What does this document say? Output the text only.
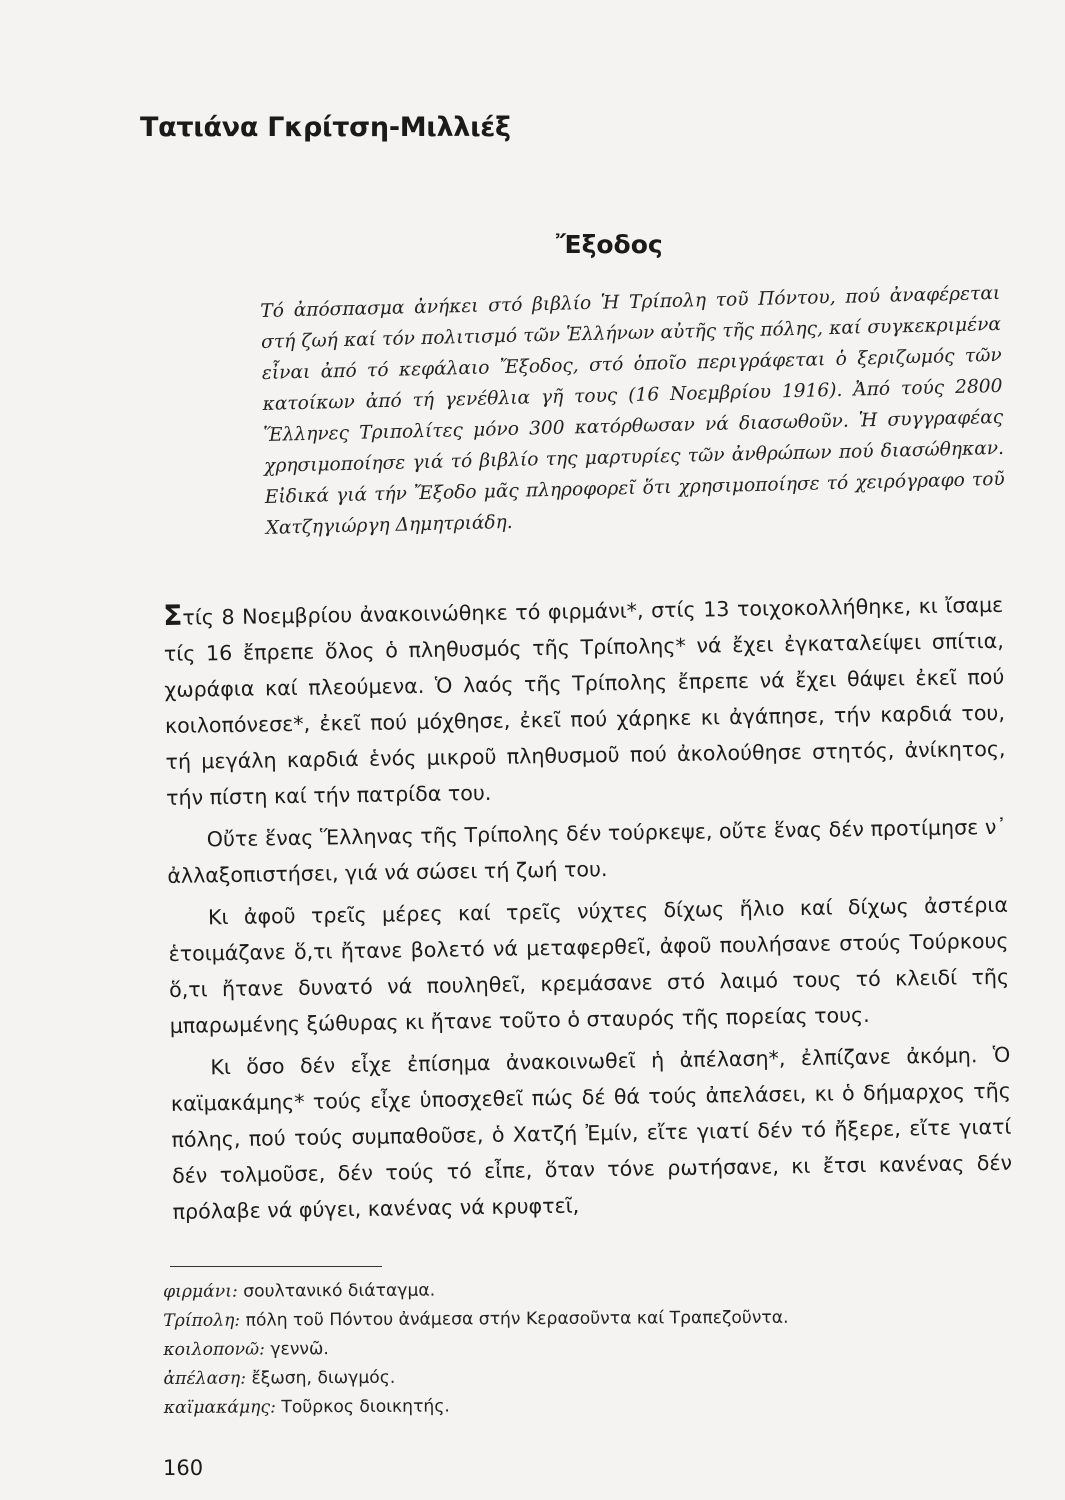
Τατιάνα Γκρίτση-Μιλλιέξ
Ἔξοδος
Τό ἀπόσπασμα ἀνήκει στό βιβλίο Ἡ Τρίπολη τοῦ Πόντου, πού ἀναφέρεται στή ζωή καί τόν πολιτισμό τῶν Ἑλλήνων αὐτῆς τῆς πόλης, καί συγκεκριμένα εἶναι ἀπό τό κεφάλαιο Ἔξοδος, στό ὁποῖο περιγράφεται ὁ ξεριζωμός τῶν κατοίκων ἀπό τή γενέθλια γῆ τους (16 Νοεμβρίου 1916). Ἀπό τούς 2800 Ἕλληνες Τριπολίτες μόνο 300 κατόρθωσαν νά διασωθοῦν. Ἡ συγγραφέας χρησιμοποίησε γιά τό βιβλίο της μαρτυρίες τῶν ἀνθρώπων πού διασώθηκαν. Εἰδικά γιά τήν Ἔξοδο μᾶς πληροφορεῖ ὅτι χρησιμοποίησε τό χειρόγραφο τοῦ Χατζηγιώργη Δημητριάδη.

Στίς 8 Νοεμβρίου ἀνακοινώθηκε τό φιρμάνι*, στίς 13 τοιχοκολλήθηκε, κι ἴσαμε τίς 16 ἔπρεπε ὅλος ὁ πληθυσμός τῆς Τρίπολης* νά ἔχει ἐγκαταλείψει σπίτια, χωράφια καί πλεούμενα. Ὁ λαός τῆς Τρίπολης ἔπρεπε νά ἔχει θάψει ἐκεῖ πού κοιλοπόνεσε*, ἐκεῖ πού μόχθησε, ἐκεῖ πού χάρηκε κι ἀγάπησε, τήν καρδιά του, τή μεγάλη καρδιά ἑνός μικροῦ πληθυσμοῦ πού ἀκολούθησε στητός, ἀνίκητος, τήν πίστη καί τήν πατρίδα του.

Οὔτε ἕνας Ἕλληνας τῆς Τρίπολης δέν τούρκεψε, οὔτε ἕνας δέν προτίμησε ν᾽ ἀλλαξοπιστήσει, γιά νά σώσει τή ζωή του.

Κι ἀφοῦ τρεῖς μέρες καί τρεῖς νύχτες δίχως ἥλιο καί δίχως ἀστέρια ἑτοιμάζανε ὅ,τι ἤτανε βολετό νά μεταφερθεῖ, ἀφοῦ πουλήσανε στούς Τούρκους ὅ,τι ἤτανε δυνατό νά πουληθεῖ, κρεμάσανε στό λαιμό τους τό κλειδί τῆς μπαρωμένης ξώθυρας κι ἤτανε τοῦτο ὁ σταυρός τῆς πορείας τους.

Κι ὅσο δέν εἶχε ἐπίσημα ἀνακοινωθεῖ ἡ ἀπέλαση*, ἐλπίζανε ἀκόμη. Ὁ καϊμακάμης* τούς εἶχε ὑποσχεθεῖ πώς δέ θά τούς ἀπελάσει, κι ὁ δήμαρχος τῆς πόλης, πού τούς συμπαθοῦσε, ὁ Χατζή Ἐμίν, εἴτε γιατί δέν τό ἤξερε, εἴτε γιατί δέν τολμοῦσε, δέν τούς τό εἶπε, ὅταν τόνε ρωτήσανε, κι ἔτσι κανένας δέν πρόλαβε νά φύγει, κανένας νά κρυφτεῖ,

φιρμάνι: σουλτανικό διάταγμα.
Τρίπολη: πόλη τοῦ Πόντου ἀνάμεσα στήν Κερασοῦντα καί Τραπεζοῦντα.
κοιλοπονῶ: γεννῶ.
ἀπέλαση: ἔξωση, διωγμός.
καϊμακάμης: Τοῦρκος διοικητής.
160
